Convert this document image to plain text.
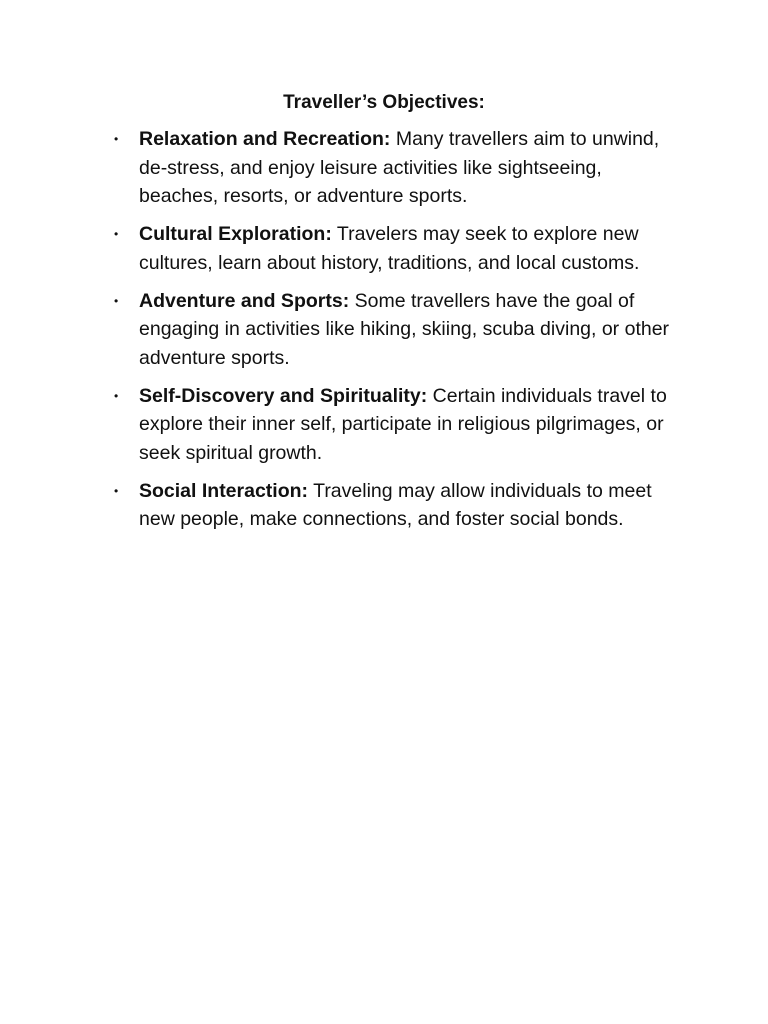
Traveller’s Objectives:
• Relaxation and Recreation: Many travellers aim to unwind, de-stress, and enjoy leisure activities like sightseeing, beaches, resorts, or adventure sports.
• Cultural Exploration: Travelers may seek to explore new cultures, learn about history, traditions, and local customs.
• Adventure and Sports: Some travellers have the goal of engaging in activities like hiking, skiing, scuba diving, or other adventure sports.
• Self-Discovery and Spirituality: Certain individuals travel to explore their inner self, participate in religious pilgrimages, or seek spiritual growth.
• Social Interaction: Traveling may allow individuals to meet new people, make connections, and foster social bonds.
